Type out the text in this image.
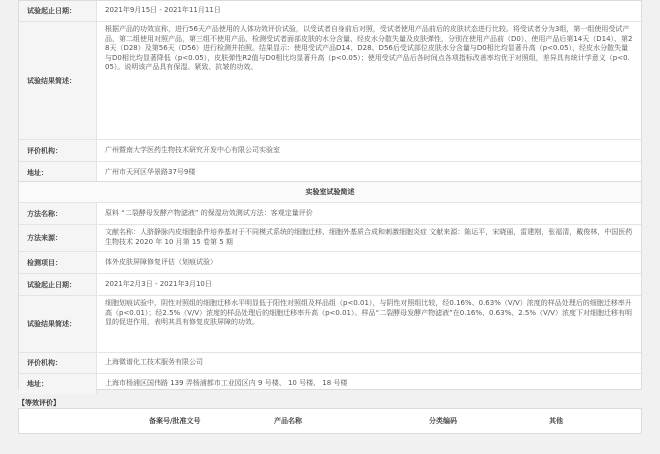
试验起止日期：	2021年9月15日 - 2021年11月11日
试验结果简述：
根据产品的功效宣称，进行56天产品使用的人体功效评价试验，以受试者自身前后对照，受试者使用产品前后的皮肤状态进行比较。将受试者分为3组，第一组使用受试产品，第二组使用对照产品，第三组不使用产品，检测受试者面部皮肤的水分含量、经皮水分散失量及皮肤弹性，分别在使用产品前（D0）、使用产品后第14天（D14）、第28天（D28）及第56天（D56）进行检测并拍照。结果显示：使用受试产品D14、D28、D56后受试部位皮肤水分含量与D0相比均显著升高（p<0.05），经皮水分散失量与D0相比均显著降低（p<0.05），皮肤弹性R2值与D0相比均显著升高（p<0.05）；使用受试产品后各时间点各项指标改善率均优于对照组，差异具有统计学意义（p<0.05）。说明该产品具有保湿、紧致、抗皱的功效。
评价机构：	广州暨南大学医药生物技术研究开发中心有限公司实验室
地址：	广州市天河区华景路37号9楼
实验室试验简述
方法名称：	原料 “二裂酵母发酵产物滤液” 的保湿功效测试方法：客观定量评价
方法来源：
文献名称：人脐静脉内皮细胞条件培养基对于不同模式系统的细胞迁移、细胞外基质合成和刺激细胞炎症 文献来源：陈运平，宋晓丽，雷建刚，张福清，戴俊林，中国医药生物技术 2020 年 10 月第 15 卷第 5 期
检测项目：	体外皮肤屏障修复评估（划痕试验）
试验起止日期：	2021年2月3日 - 2021年3月10日
试验结果简述：
细胞划痕试验中，阴性对照组的细胞迁移水平明显低于阳性对照组及样品组（p<0.01），与阴性对照组比较，经0.16%、0.63%（V/V）浓度的样品处理后的细胞迁移率升高（p<0.01）；经2.5%（V/V）浓度的样品处理后的细胞迁移率升高（p<0.01）。样品“二裂酵母发酵产物滤液”在0.16%、0.63%、2.5%（V/V）浓度下对细胞迁移有明显的促进作用，表明其具有修复皮肤屏障的功效。
评价机构：	上海微谱化工技术服务有限公司
地址：	上海市杨浦区国伟路 139 弄杨浦都市工业园区内 9 号楼、 10 号楼、 18 号楼
【等效评价】
备案号/批准文号	产品名称	分类编码	其他
